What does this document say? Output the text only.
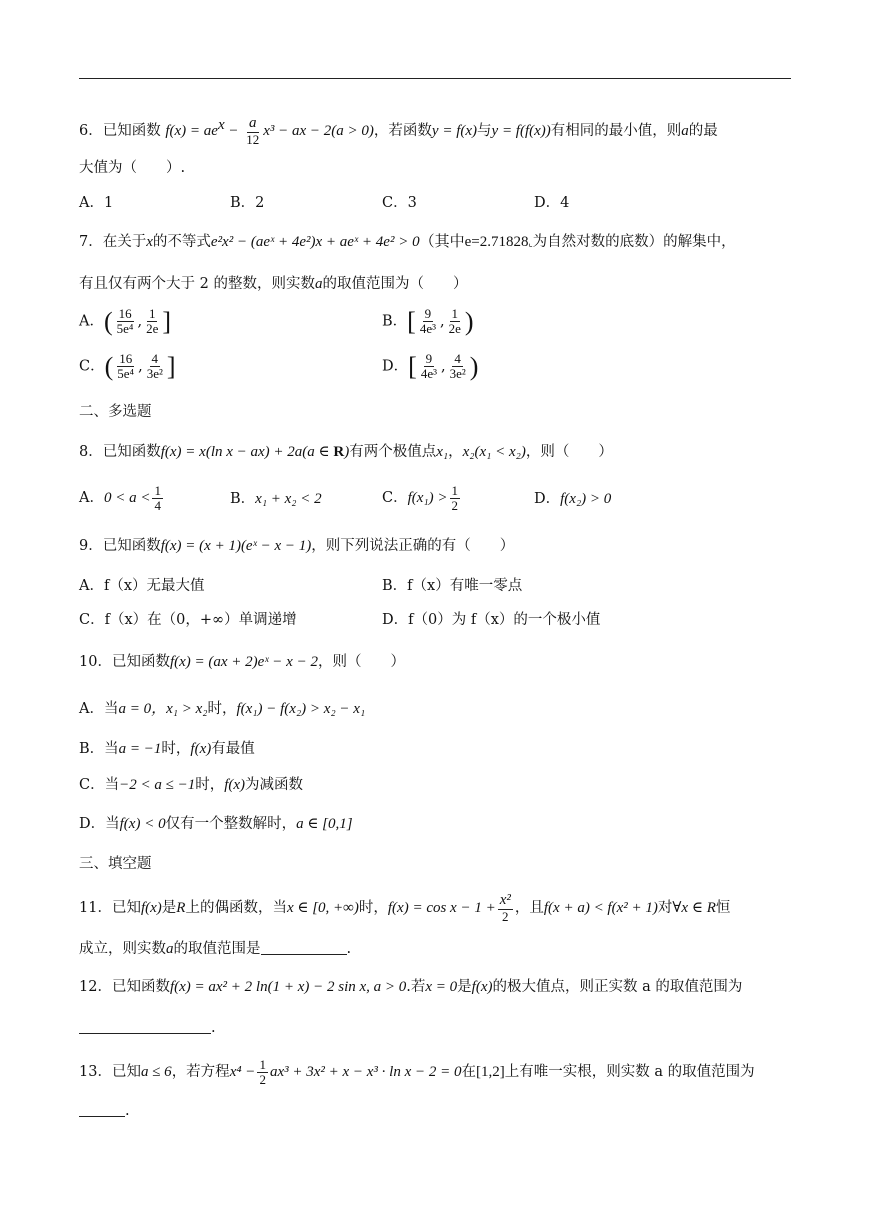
6．已知函数 $f(x) = ae^x - \frac{a}{12} x^3$ − ax − 2(a > 0)，若函数y = f(x)与y = f(f(x))有相同的最小值，则a的最
大值为（　　）.
A．1	B．2	C．3	D．4
7．在关于x的不等式e²x² − (aeˣ + 4e²)x + aeˣ + 4e² > 0（其中e=2.71828⌞为自然对数的底数）的解集中，
有且仅有两个大于 2 的整数，则实数a的取值范围为（　　）
A．( $\frac{16}{\text{5e⁴}}$ , $\frac{1}{2e}$ ]	B．[ $\frac{9}{\text{4e³}}$ , $\frac{1}{2e}$ )
C．( $\frac{16}{\text{5e⁴}}$ , $\frac{4}{\text{3e²}}$ ]	D．[ $\frac{9}{\text{4e³}}$ , $\frac{4}{\text{3e²}}$ )
二、多选题
8．已知函数f(x) = x(ln x − ax) + 2a(a ∈ R)有两个极值点x₁，x₂(x₁ < x₂)，则（　　）
A．$0 < a < \frac{1}{4}$	B．x₁ + x₂ < 2	C．$f(x_1) > \frac{1}{2}$	D．f(x₂) > 0
9．已知函数f(x) = (x + 1)(eˣ − x − 1)，则下列说法正确的有（　　）
A．f（x）无最大值	B．f（x）有唯一零点
C．f（x）在（0，+∞）单调递增	D．f（0）为 f（x）的一个极小值
10．已知函数f(x) = (ax + 2)eˣ − x − 2，则（　　）
A．当a = 0，x₁ > x₂时，f(x₁) − f(x₂) > x₂ − x₁
B．当a = −1时，f(x)有最值
C．当−2 < a ≤ −1时，f(x)为减函数
D．当f(x) < 0仅有一个整数解时，a ∈ [0,1]
三、填空题
11．已知f(x)是R上的偶函数，当x ∈ [0, +∞)时，$f(x) = \cos x - 1 + \frac{\text{x²}}{2}$ ，且f(x + a) < f(x² + 1)对∀x ∈ R恒
成立，则实数a的取值范围是	.
12．已知函数f(x) = ax² + 2 ln(1 + x) − 2 sin x, a > 0.若x = 0是f(x)的极大值点，则正实数 a 的取值范围为
.
13．已知a ≤ 6，若方程$x^4 - \frac{1}{2} ax^3 + 3x^2 + x - x^3 \cdot \ln x - 2 = 0$在[1,2]上有唯一实根，则实数 a 的取值范围为
.
